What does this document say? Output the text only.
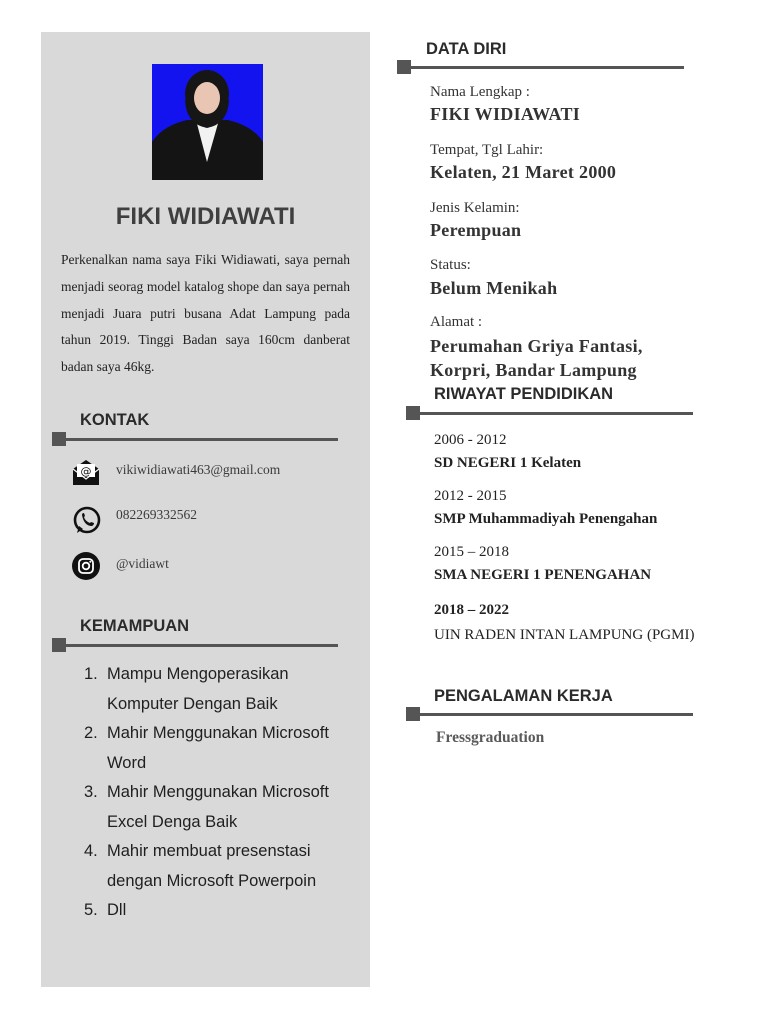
FIKI WIDIAWATI
Perkenalkan nama saya Fiki Widiawati, saya pernah menjadi seorag model katalog shope dan saya pernah menjadi Juara putri busana Adat Lampung pada tahun 2019. Tinggi Badan saya 160cm danberat badan saya 46kg.
KONTAK
@ vikiwidiawati463@gmail.com
082269332562
@vidiawt
KEMAMPUAN
1. Mampu Mengoperasikan Komputer Dengan Baik
2. Mahir Menggunakan Microsoft Word
3. Mahir Menggunakan Microsoft Excel Denga Baik
4. Mahir membuat presenstasi dengan Microsoft Powerpoin
5. Dll
DATA DIRI
Nama Lengkap :
FIKI WIDIAWATI
Tempat, Tgl Lahir:
Kelaten, 21 Maret 2000
Jenis Kelamin:
Perempuan
Status:
Belum Menikah
Alamat :
Perumahan Griya Fantasi, Korpri, Bandar Lampung
RIWAYAT PENDIDIKAN
2006 - 2012
SD NEGERI 1 Kelaten
2012 - 2015
SMP Muhammadiyah Penengahan
2015 – 2018
SMA NEGERI 1 PENENGAHAN
2018 – 2022
UIN RADEN INTAN LAMPUNG (PGMI)
PENGALAMAN KERJA
Fressgraduation
